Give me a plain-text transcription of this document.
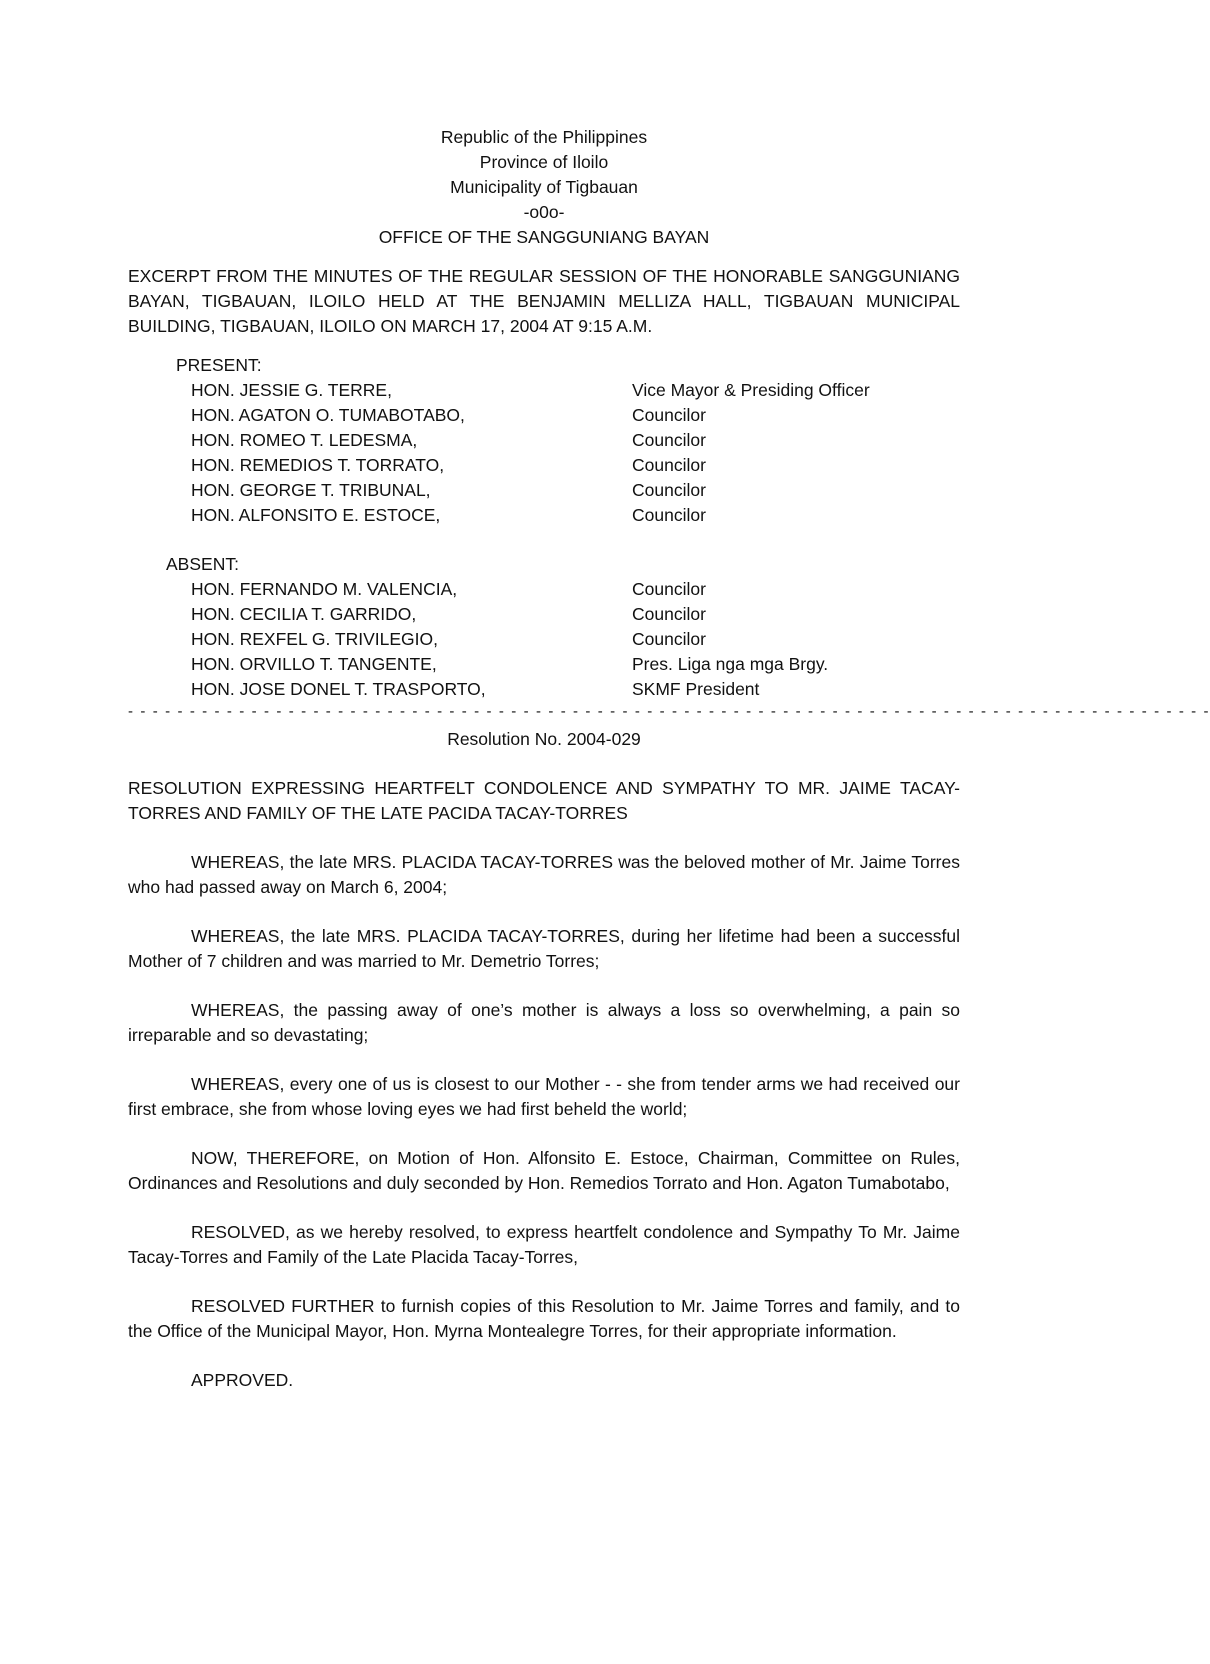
Republic of the Philippines
Province of Iloilo
Municipality of Tigbauan
-o0o-
OFFICE OF THE SANGGUNIANG BAYAN
EXCERPT FROM THE MINUTES OF THE REGULAR SESSION OF THE HONORABLE SANGGUNIANG BAYAN, TIGBAUAN, ILOILO HELD AT THE BENJAMIN MELLIZA HALL, TIGBAUAN MUNICIPAL BUILDING, TIGBAUAN, ILOILO ON MARCH 17, 2004 AT 9:15 A.M.
PRESENT:
HON. JESSIE G. TERRE,	Vice Mayor & Presiding Officer
HON. AGATON O. TUMABOTABO,	Councilor
HON. ROMEO T. LEDESMA,	Councilor
HON. REMEDIOS T. TORRATO,	Councilor
HON. GEORGE T. TRIBUNAL,	Councilor
HON. ALFONSITO E. ESTOCE,	Councilor
ABSENT:
HON. FERNANDO M. VALENCIA,	Councilor
HON. CECILIA T. GARRIDO,	Councilor
HON. REXFEL G. TRIVILEGIO,	Councilor
HON. ORVILLO T. TANGENTE,	Pres. Liga nga mga Brgy.
HON. JOSE DONEL T. TRASPORTO,	SKMF President
- - - - - - - - - - - - - - - - - - - - - - - - - - - - - - - - - - - - - - - - - - - - - - - - - - - - - - - - - - - - - - - - - - - - - - - - - - - - - - - - - - - - - - - -
Resolution No. 2004-029
RESOLUTION EXPRESSING HEARTFELT CONDOLENCE AND SYMPATHY TO MR. JAIME TACAY-TORRES AND FAMILY OF THE LATE PACIDA TACAY-TORRES

WHEREAS, the late MRS. PLACIDA TACAY-TORRES was the beloved mother of Mr. Jaime Torres who had passed away on March 6, 2004;

WHEREAS, the late MRS. PLACIDA TACAY-TORRES, during her lifetime had been a successful Mother of 7 children and was married to Mr. Demetrio Torres;

WHEREAS, the passing away of one’s mother is always a loss so overwhelming, a pain so irreparable and so devastating;

WHEREAS, every one of us is closest to our Mother - - she from tender arms we had received our first embrace, she from whose loving eyes we had first beheld the world;

NOW, THEREFORE, on Motion of Hon. Alfonsito E. Estoce, Chairman, Committee on Rules, Ordinances and Resolutions and duly seconded by Hon. Remedios Torrato and Hon. Agaton Tumabotabo,

RESOLVED, as we hereby resolved, to express heartfelt condolence and Sympathy To Mr. Jaime Tacay-Torres and Family of the Late Placida Tacay-Torres,

RESOLVED FURTHER to furnish copies of this Resolution to Mr. Jaime Torres and family, and to the Office of the Municipal Mayor, Hon. Myrna Montealegre Torres, for their appropriate information.

APPROVED.
